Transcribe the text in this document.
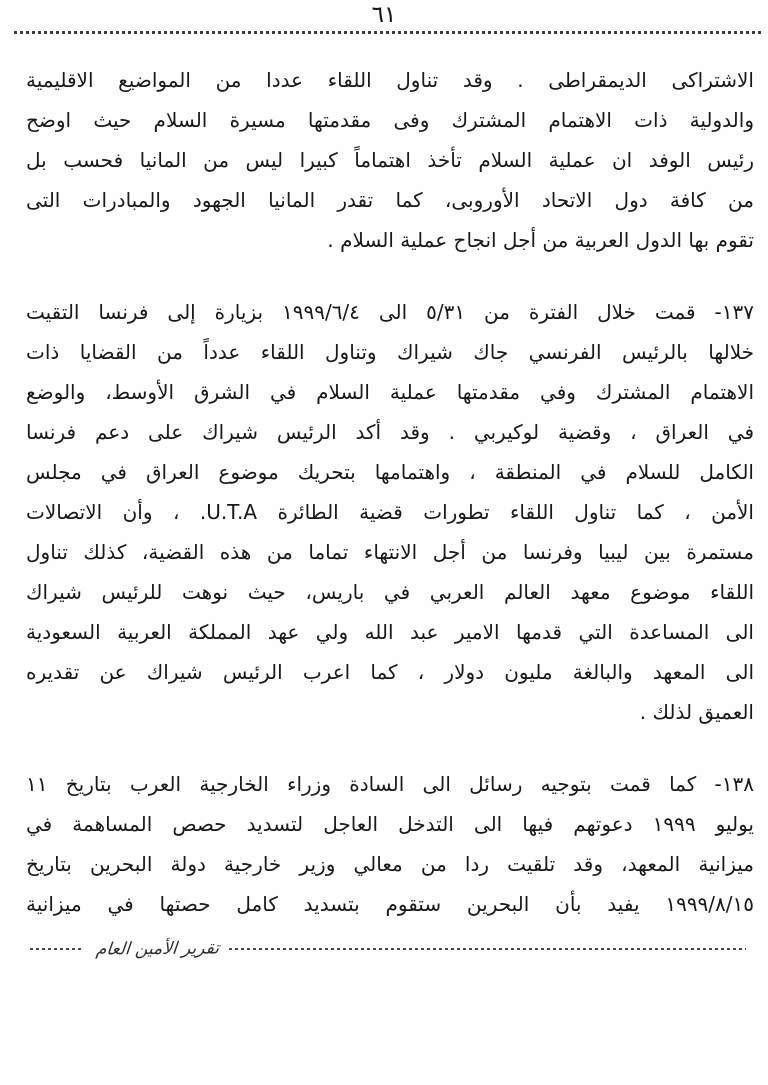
٦١
الاشتراكى الديمقراطى . وقد تناول اللقاء عددا من المواضيع الاقليمية
والدولية ذات الاهتمام المشترك وفى مقدمتها مسيرة السلام حيث اوضح
رئيس الوفد ان عملية السلام تأخذ اهتماماً كبيرا ليس من المانيا فحسب بل
من كافة دول الاتحاد الأوروبى، كما تقدر المانيا الجهود والمبادرات التى
تقوم بها الدول العربية من أجل انجاح عملية السلام .
١٣٧- قمت خلال الفترة من ٥/٣١ الى ١٩٩٩/٦/٤ بزيارة إلى فرنسا التقيت
خلالها بالرئيس الفرنسي جاك شيراك وتناول اللقاء عدداً من القضايا ذات
الاهتمام المشترك وفي مقدمتها عملية السلام في الشرق الأوسط، والوضع
في العراق ، وقضية لوكيربي . وقد أكد الرئيس شيراك على دعم فرنسا
الكامل للسلام في المنطقة ، واهتمامها بتحريك موضوع العراق في مجلس
الأمن ، كما تناول اللقاء تطورات قضية الطائرة U.T.A. ، وأن الاتصالات
مستمرة بين ليبيا وفرنسا من أجل الانتهاء تماما من هذه القضية، كذلك تناول
اللقاء موضوع معهد العالم العربي في باريس، حيث نوهت للرئيس شيراك
الى المساعدة التي قدمها الامير عبد الله ولي عهد المملكة العربية السعودية
الى المعهد والبالغة مليون دولار ، كما اعرب الرئيس شيراك عن تقديره
العميق لذلك .
١٣٨- كما قمت بتوجيه رسائل الى السادة وزراء الخارجية العرب بتاريخ ١١
يوليو ١٩٩٩ دعوتهم فيها الى التدخل العاجل لتسديد حصص المساهمة في
ميزانية المعهد، وقد تلقيت ردا من معالي وزير خارجية دولة البحرين بتاريخ
١٩٩٩/٨/١٥ يفيد بأن البحرين ستقوم بتسديد كامل حصتها في ميزانية
تقرير الأمين العام
